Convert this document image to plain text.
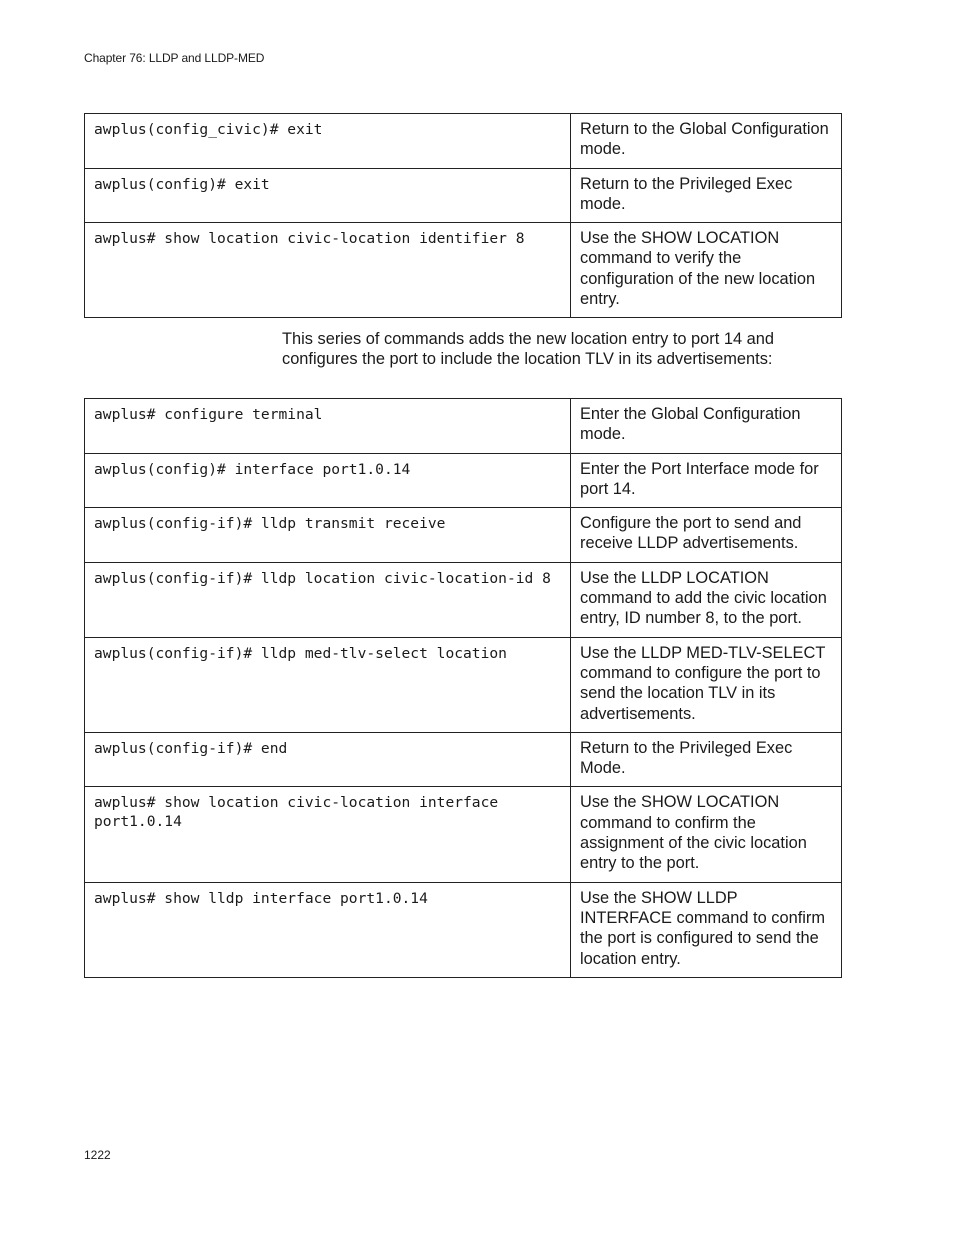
Chapter 76: LLDP and LLDP-MED
awplus(config_civic)# exit	Return to the Global Configuration mode.
awplus(config)# exit	Return to the Privileged Exec mode.
awplus# show location civic-location identifier 8	Use the SHOW LOCATION command to verify the configuration of the new location entry.
This series of commands adds the new location entry to port 14 and configures the port to include the location TLV in its advertisements:
awplus# configure terminal	Enter the Global Configuration mode.
awplus(config)# interface port1.0.14	Enter the Port Interface mode for port 14.
awplus(config-if)# lldp transmit receive	Configure the port to send and receive LLDP advertisements.
awplus(config-if)# lldp location civic-location-id 8	Use the LLDP LOCATION command to add the civic location entry, ID number 8, to the port.
awplus(config-if)# lldp med-tlv-select location	Use the LLDP MED-TLV-SELECT command to configure the port to send the location TLV in its advertisements.
awplus(config-if)# end	Return to the Privileged Exec Mode.
awplus# show location civic-location interface port1.0.14	Use the SHOW LOCATION command to confirm the assignment of the civic location entry to the port.
awplus# show lldp interface port1.0.14	Use the SHOW LLDP INTERFACE command to confirm the port is configured to send the location entry.
1222
